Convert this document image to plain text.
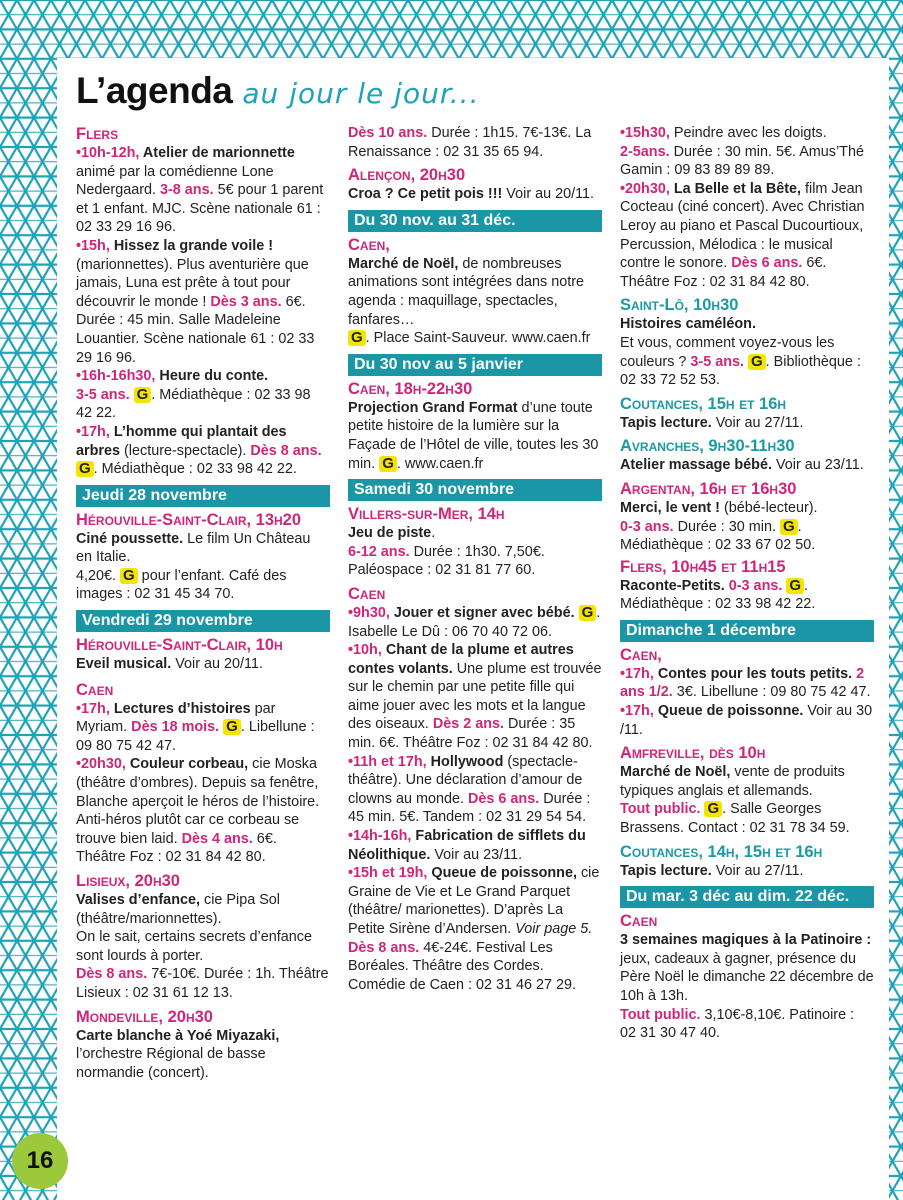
L’agenda au jour le jour...
Flers

•10h-12h, Atelier de marionnette animé par la comédienne Lone Nedergaard. 3-8 ans. 5€ pour 1 parent et 1 enfant. MJC. Scène nationale 61 : 02 33 29 16 96.

•15h, Hissez la grande voile ! (marionnettes). Plus aventurière que jamais, Luna est prête à tout pour découvrir le monde ! Dès 3 ans. 6€. Durée : 45 min. Salle Madeleine Louantier. Scène nationale 61 : 02 33 29 16 96.

•16h-16h30, Heure du conte.
3-5 ans. G . Médiathèque : 02 33 98 42 22.

•17h, L’homme qui plantait des arbres (lecture-spectacle). Dès 8 ans.
G . Médiathèque : 02 33 98 42 22.

Jeudi 28 novembre
Hérouville-Saint-Clair, 13h20

Ciné poussette. Le film Un Château en Italie.
4,20€. G pour l’enfant. Café des images : 02 31 45 34 70.

Vendredi 29 novembre
Hérouville-Saint-Clair, 10h

Eveil musical. Voir au 20/11.

Caen

•17h, Lectures d’histoires par Myriam. Dès 18 mois. G . Libellune : 09 80 75 42 47.

•20h30, Couleur corbeau, cie Moska (théâtre d’ombres). Depuis sa fenêtre, Blanche aperçoit le héros de l’histoire. Anti-héros plutôt car ce corbeau se trouve bien laid. Dès 4 ans. 6€. Théâtre Foz : 02 31 84 42 80.

Lisieux, 20h30

Valises d’enfance, cie Pipa Sol (théâtre/marionnettes).
On le sait, certains secrets d’enfance sont lourds à porter.
Dès 8 ans. 7€-10€. Durée : 1h. Théâtre Lisieux : 02 31 61 12 13.

Mondeville, 20h30

Carte blanche à Yoé Miyazaki, l’orchestre Régional de basse normandie (concert).

Dès 10 ans. Durée : 1h15. 7€-13€. La Renaissance : 02 31 35 65 94.

Alençon, 20h30

Croa ? Ce petit pois !!! Voir au 20/11.

Du 30 nov. au 31 déc.
Caen,

Marché de Noël, de nombreuses animations sont intégrées dans notre agenda : maquillage, spectacles, fanfares…
G . Place Saint-Sauveur. www.caen.fr

Du 30 nov au 5 janvier
Caen, 18h-22h30

Projection Grand Format d’une toute petite histoire de la lumière sur la Façade de l’Hôtel de ville, toutes les 30 min. G . www.caen.fr

Samedi 30 novembre
Villers-sur-Mer, 14h

Jeu de piste.
6-12 ans. Durée : 1h30. 7,50€. Paléospace : 02 31 81 77 60.

Caen

•9h30, Jouer et signer avec bébé. G . Isabelle Le Dû : 06 70 40 72 06.

•10h, Chant de la plume et autres contes volants. Une plume est trouvée sur le chemin par une petite fille qui aime jouer avec les mots et la langue des oiseaux. Dès 2 ans. Durée : 35 min. 6€. Théâtre Foz : 02 31 84 42 80.

•11h et 17h, Hollywood (spectacle-théâtre). Une déclaration d’amour de clowns au monde. Dès 6 ans. Durée : 45 min. 5€. Tandem : 02 31 29 54 54.

•14h-16h, Fabrication de sifflets du Néolithique. Voir au 23/11.

•15h et 19h, Queue de poissonne, cie Graine de Vie et Le Grand Parquet (théâtre/ marionettes). D’après La Petite Sirène d’Andersen. Voir page 5.
Dès 8 ans. 4€-24€. Festival Les Boréales. Théâtre des Cordes. Comédie de Caen : 02 31 46 27 29.

•15h30, Peindre avec les doigts.
2-5ans. Durée : 30 min. 5€. Amus’Thé Gamin : 09 83 89 89 89.

•20h30, La Belle et la Bête, film Jean Cocteau (ciné concert). Avec Christian Leroy au piano et Pascal Ducourtioux, Percussion, Mélodica : le musical contre le sonore. Dès 6 ans. 6€. Théâtre Foz : 02 31 84 42 80.

Saint-Lô, 10h30

Histoires caméléon.
Et vous, comment voyez-vous les couleurs ? 3-5 ans. G . Bibliothèque : 02 33 72 52 53.

Coutances, 15h et 16h

Tapis lecture. Voir au 27/11.

Avranches, 9h30-11h30

Atelier massage bébé. Voir au 23/11.

Argentan, 16h et 16h30

Merci, le vent ! (bébé-lecteur).
0-3 ans. Durée : 30 min. G . Médiathèque : 02 33 67 02 50.

Flers, 10h45 et 11h15

Raconte-Petits. 0-3 ans. G . Médiathèque : 02 33 98 42 22.

Dimanche 1 décembre
Caen,

•17h, Contes pour les touts petits. 2 ans 1/2. 3€. Libellune : 09 80 75 42 47.

•17h, Queue de poissonne. Voir au 30 /11.

Amfreville, dès 10h

Marché de Noël, vente de produits typiques anglais et allemands.
Tout public. G . Salle Georges Brassens. Contact : 02 31 78 34 59.

Coutances, 14h, 15h et 16h

Tapis lecture. Voir au 27/11.

Du mar. 3 déc au dim. 22 déc.
Caen

3 semaines magiques à la Patinoire : jeux, cadeaux à gagner, présence du Père Noël le dimanche 22 décembre de 10h à 13h.
Tout public. 3,10€-8,10€. Patinoire : 02 31 30 47 40.

16
